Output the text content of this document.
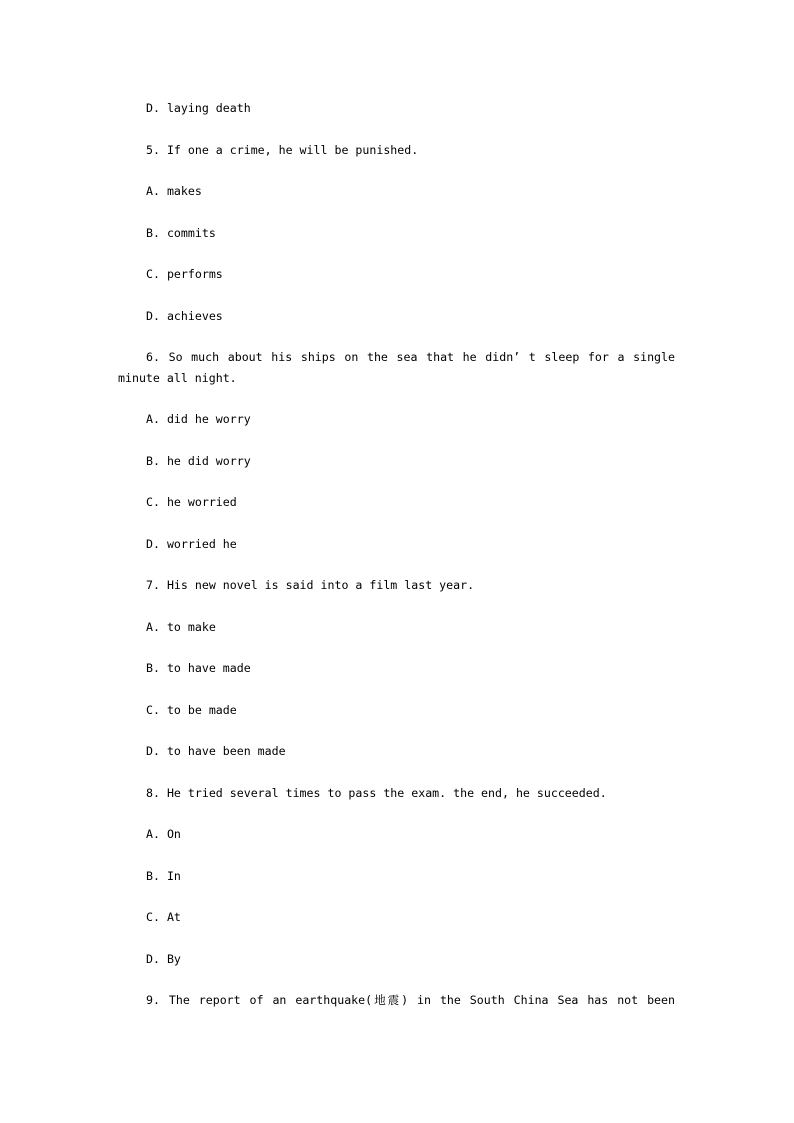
D. laying death
5. If one a crime, he will be punished.
A. makes
B. commits
C. performs
D. achieves
6. So much about his ships on the sea that he didn’ t sleep for a single
minute all night.
A. did he worry
B. he did worry
C. he worried
D. worried he
7. His new novel is said into a film last year.
A. to make
B. to have made
C. to be made
D. to have been made
8. He tried several times to pass the exam. the end, he succeeded.
A. On
B. In
C. At
D. By
9. The report of an earthquake(地震) in the South China Sea has not been
